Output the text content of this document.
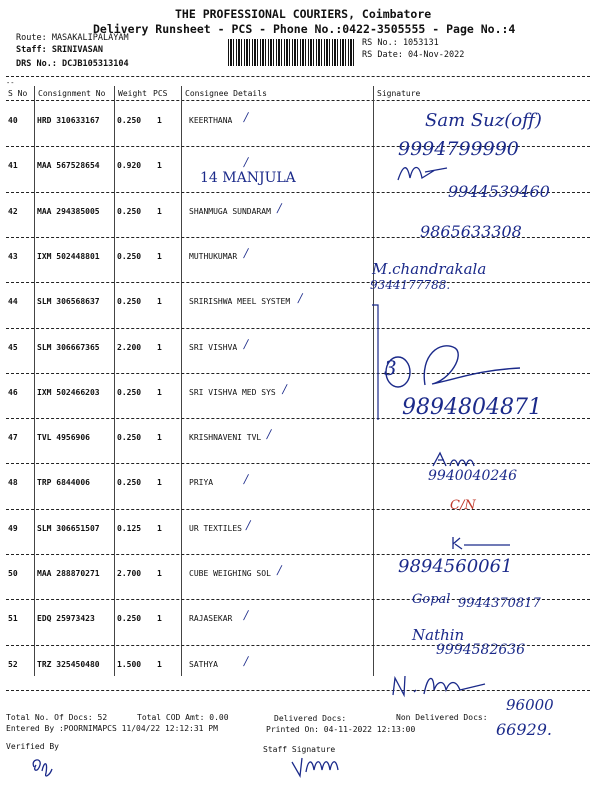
THE PROFESSIONAL COURIERS, Coimbatore
Delivery Runsheet - PCS - Phone No.:0422-3505555 - Page No.:4
Route: MASAKALIPALAYAM
Staff: SRINIVASAN
DRS No.: DCJB105313104
RS No.: 1053131
RS Date: 04-Nov-2022
--
S No Consignment No Weight PCS Consignee Details	Signature
40 HRD 310633167 0.250 1	KEERTHANA ∕
41 MAA 567528654 0.920 1	∕
42 MAA 294385005 0.250 1	SHANMUGA SUNDARAM ∕
43 IXM 502448801 0.250 1	MUTHUKUMAR ∕
44 SLM 306568637 0.250 1	SRIRISHWA MEEL SYSTEM ∕
45 SLM 306667365 2.200 1	SRI VISHVA ∕
46 IXM 502466203 0.250 1	SRI VISHVA MED SYS ∕
47 TVL 4956906	0.250 1	KRISHNAVENI TVL ∕
48 TRP 6844006	0.250 1	PRIYA	∕
49 SLM 306651507 0.125 1	UR TEXTILES ∕
50 MAA 288870271 2.700 1	CUBE WEIGHING SOL ∕
51 EDQ 25973423	0.250 1	RAJASEKAR ∕
52 TRZ 325450480 1.500 1	SATHYA ∕
Sam Suz(off)
9994799990
14 MANJULA
9944539460
9865633308
M.chandrakala
9344177788.
3
9894804871
9940040246
C/N
9894560061
Gopal 9944370817
Nathin
9994582636
96000
66929.
Total No. Of Docs: 52	Total COD Amt: 0.00	Delivered Docs:	Non Delivered Docs:
Entered By :POORNIMAPCS 11/04/22 12:12:31 PM	Printed On: 04-11-2022 12:13:00
Verified By	Staff Signature
